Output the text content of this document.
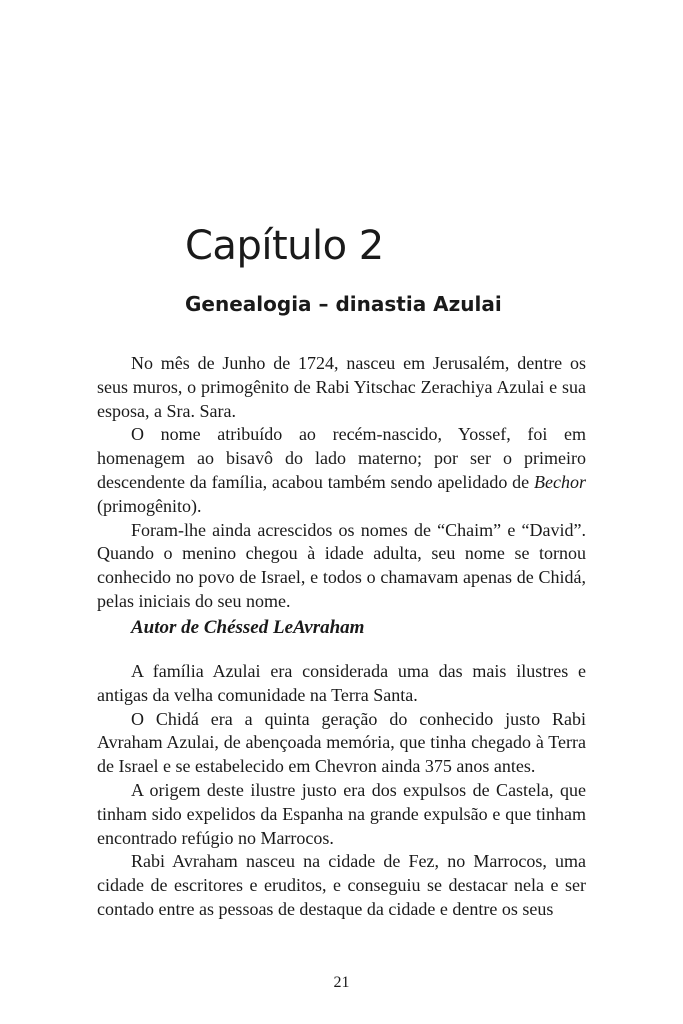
Capítulo 2
Genealogia – dinastia Azulai

No mês de Junho de 1724, nasceu em Jerusalém, dentre os seus muros, o primogênito de Rabi Yitschac Zerachiya Azulai e sua esposa, a Sra. Sara.

O nome atribuído ao recém-nascido, Yossef, foi em homenagem ao bisavô do lado materno; por ser o primeiro descendente da família, acabou também sendo apelidado de Bechor (primogênito).

Foram-lhe ainda acrescidos os nomes de “Chaim” e “David”. Quando o menino chegou à idade adulta, seu nome se tornou conhecido no povo de Israel, e todos o chamavam apenas de Chidá, pelas iniciais do seu nome.

Autor de Chéssed LeAvraham

A família Azulai era considerada uma das mais ilustres e antigas da velha comunidade na Terra Santa.

O Chidá era a quinta geração do conhecido justo Rabi Avraham Azulai, de abençoada memória, que tinha chegado à Terra de Israel e se estabelecido em Chevron ainda 375 anos antes.

A origem deste ilustre justo era dos expulsos de Castela, que tinham sido expelidos da Espanha na grande expulsão e que tinham encontrado refúgio no Marrocos.

Rabi Avraham nasceu na cidade de Fez, no Marrocos, uma cidade de escritores e eruditos, e conseguiu se destacar nela e ser contado entre as pessoas de destaque da cidade e dentre os seus

21
